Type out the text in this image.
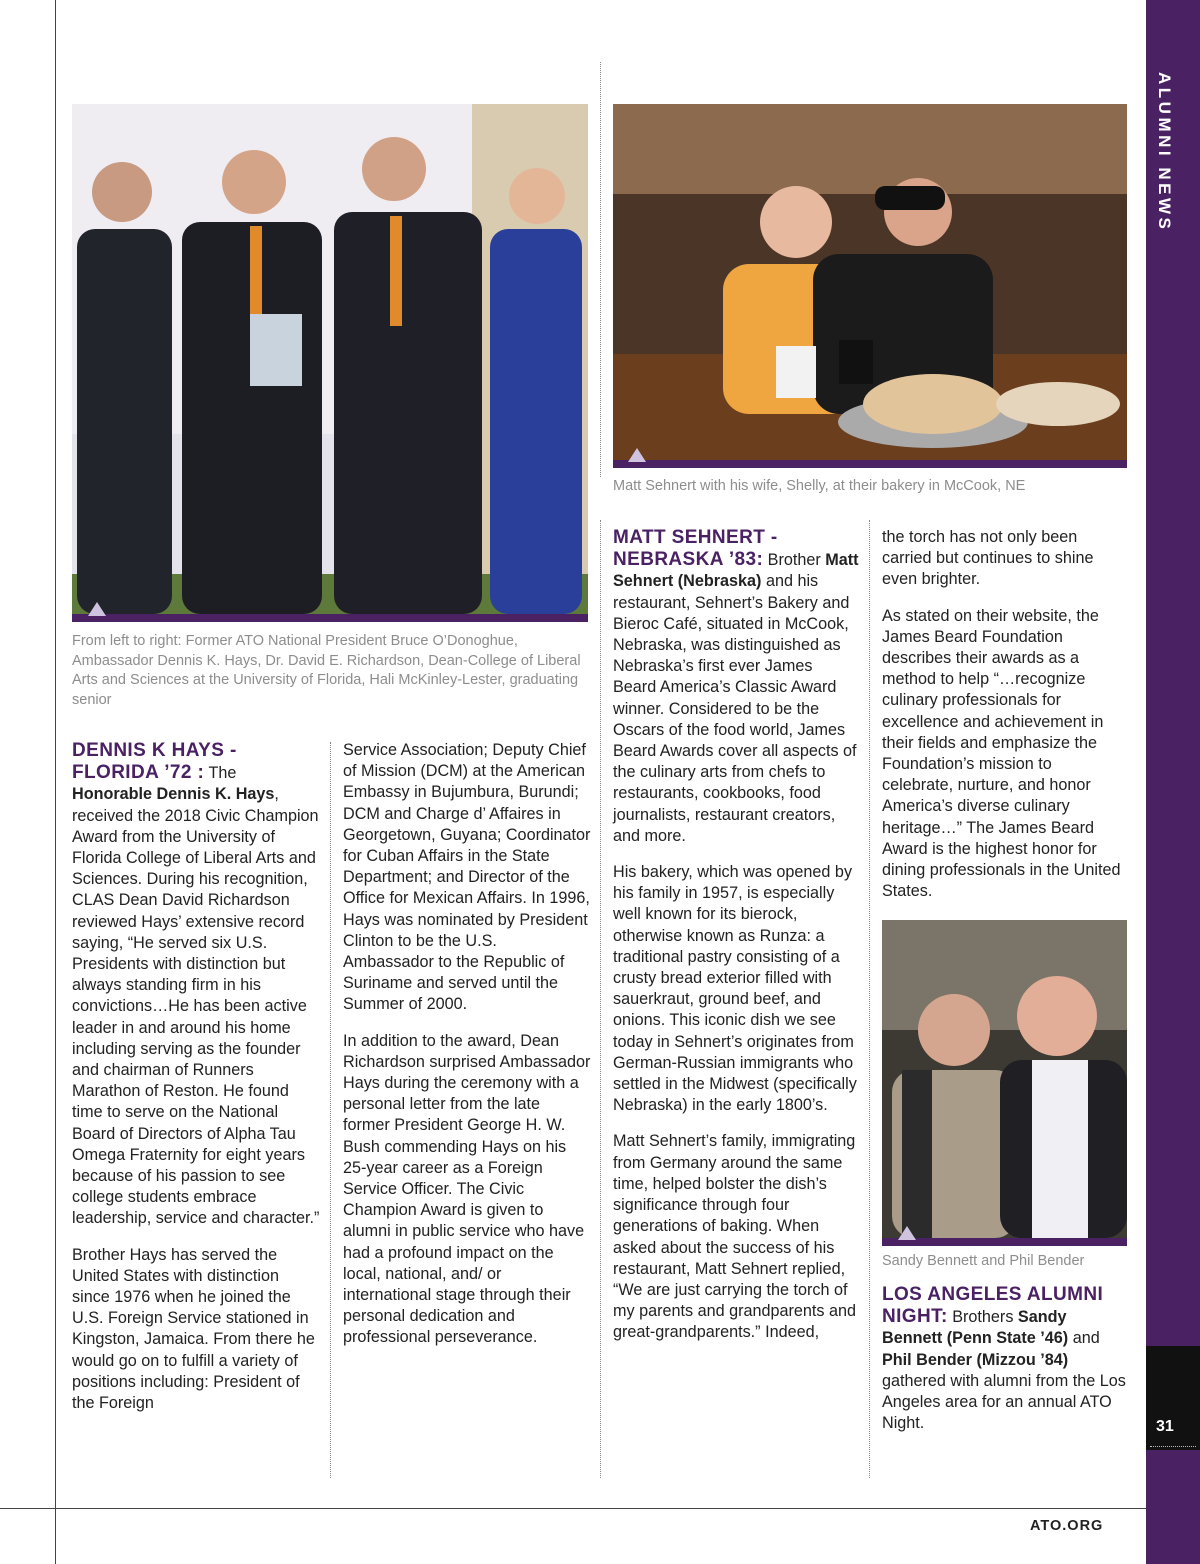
ALUMNI NEWS
31
From left to right: Former ATO National President Bruce O’Donoghue, Ambassador Dennis K. Hays, Dr. David E. Richardson, Dean-College of Liberal Arts and Sciences at the University of Florida, Hali McKinley-Lester, graduating senior
Matt Sehnert with his wife, Shelly, at their bakery in McCook, NE
Sandy Bennett and Phil Bender

DENNIS K HAYS - FLORIDA ’72 : The Honorable Dennis K. Hays, received the 2018 Civic Champion Award from the University of Florida College of Liberal Arts and Sciences. During his recognition, CLAS Dean David Richardson reviewed Hays’ extensive record saying, “He served six U.S. Presidents with distinction but always standing firm in his convictions…He has been active leader in and around his home including serving as the founder and chairman of Runners Marathon of Reston. He found time to serve on the National Board of Directors of Alpha Tau Omega Fraternity for eight years because of his passion to see college students embrace leadership, service and character.”

Brother Hays has served the United States with distinction since 1976 when he joined the U.S. Foreign Service stationed in Kingston, Jamaica. From there he would go on to fulfill a variety of positions including: President of the Foreign

Service Association; Deputy Chief of Mission (DCM) at the American Embassy in Bujumbura, Burundi; DCM and Charge d’ Affaires in Georgetown, Guyana; Coordinator for Cuban Affairs in the State Department; and Director of the Office for Mexican Affairs. In 1996, Hays was nominated by President Clinton to be the U.S. Ambassador to the Republic of Suriname and served until the Summer of 2000.

In addition to the award, Dean Richardson surprised Ambassador Hays during the ceremony with a personal letter from the late former President George H. W. Bush commending Hays on his 25-year career as a Foreign Service Officer. The Civic Champion Award is given to alumni in public service who have had a profound impact on the local, national, and/ or international stage through their personal dedication and professional perseverance.

MATT SEHNERT - NEBRASKA ’83: Brother Matt Sehnert (Nebraska) and his restaurant, Sehnert’s Bakery and Bieroc Café, situated in McCook, Nebraska, was distinguished as Nebraska’s first ever James Beard America’s Classic Award winner. Considered to be the Oscars of the food world, James Beard Awards cover all aspects of the culinary arts from chefs to restaurants, cookbooks, food journalists, restaurant creators, and more.

His bakery, which was opened by his family in 1957, is especially well known for its bierock, otherwise known as Runza: a traditional pastry consisting of a crusty bread exterior filled with sauerkraut, ground beef, and onions. This iconic dish we see today in Sehnert’s originates from German-Russian immigrants who settled in the Midwest (specifically Nebraska) in the early 1800’s.

Matt Sehnert’s family, immigrating from Germany around the same time, helped bolster the dish’s significance through four generations of baking. When asked about the success of his restaurant, Matt Sehnert replied, “We are just carrying the torch of my parents and grandparents and great-grandparents.” Indeed,

the torch has not only been carried but continues to shine even brighter.

As stated on their website, the James Beard Foundation describes their awards as a method to help “…recognize culinary professionals for excellence and achievement in their fields and emphasize the Foundation’s mission to celebrate, nurture, and honor America’s diverse culinary heritage…” The James Beard Award is the highest honor for dining professionals in the United States.

LOS ANGELES ALUMNI NIGHT: Brothers Sandy Bennett (Penn State ’46) and Phil Bender (Mizzou ’84) gathered with alumni from the Los Angeles area for an annual ATO Night.

ATO.ORG
